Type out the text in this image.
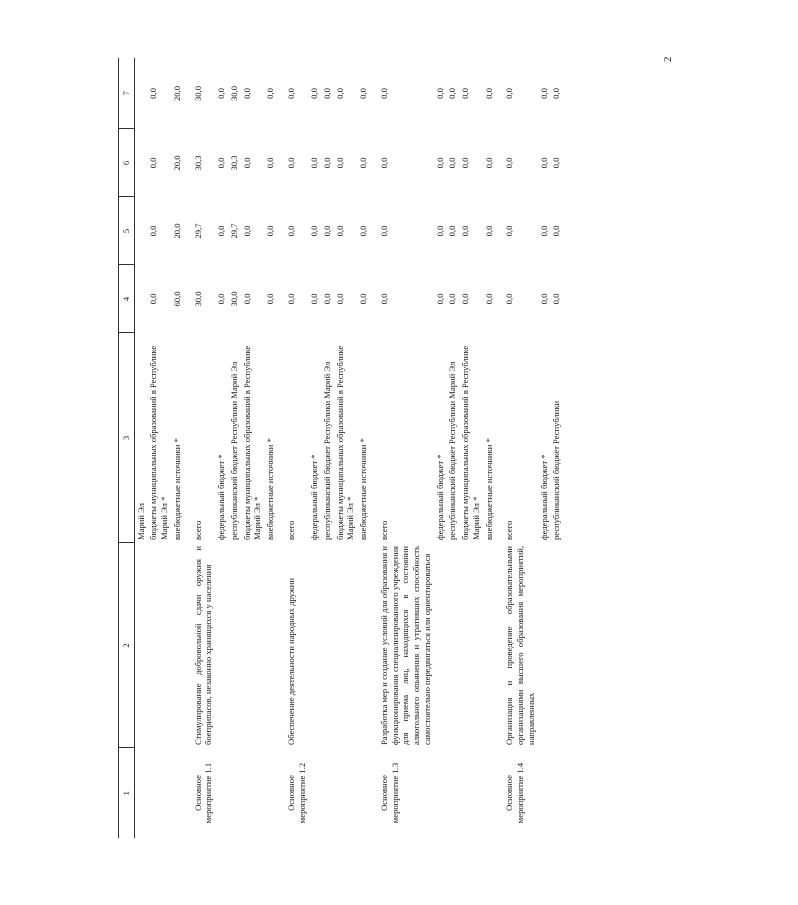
2
1	2	3	4	5	6	7
		Марий Эл				
		бюджеты муниципальных образований в Республике Марий Эл *	0,0	0,0	0,0	0,0
		внебюджетные источники *	60,0	20,0	20,0	20,0
Основное мероприятие 1.1	Стимулирование добровольной сдачи оружия и боеприпасов, незаконно хранящихся у населения	всего	30,0	29,7	30,3	30,0
		федеральный бюджет *	0,0	0,0	0,0	0,0
		республиканский бюджет Республики Марий Эл	30,0	29,7	30,3	30,0
		бюджеты муниципальных образований в Республике Марий Эл *	0,0	0,0	0,0	0,0
		внебюджетные источники *	0,0	0,0	0,0	0,0
Основное мероприятие 1.2	Обеспечение деятельности народных дружин	всего	0,0	0,0	0,0	0,0
		федеральный бюджет *	0,0	0,0	0,0	0,0
		республиканский бюджет Республики Марий Эл	0,0	0,0	0,0	0,0
		бюджеты муниципальных образований в Республике Марий Эл *	0,0	0,0	0,0	0,0
		внебюджетные источники *	0,0	0,0	0,0	0,0
Основное мероприятие 1.3	Разработка мер и создание условий для образования и функционирования специализированного учреждения для приема лиц, находящихся в состоянии алкогольного опьянения и утративших способность самостоятельно передвигаться или ориентироваться	всего	0,0	0,0	0,0	0,0
		федеральный бюджет *	0,0	0,0	0,0	0,0
		республиканский бюджет Республики Марий Эл	0,0	0,0	0,0	0,0
		бюджеты муниципальных образований в Республике Марий Эл *	0,0	0,0	0,0	0,0
		внебюджетные источники *	0,0	0,0	0,0	0,0
Основное мероприятие 1.4	Организация и проведение образовательными организациями высшего образования мероприятий, направленных	всего	0,0	0,0	0,0	0,0
		федеральный бюджет *	0,0	0,0	0,0	0,0
		республиканский бюджет Республики	0,0	0,0	0,0	0,0
